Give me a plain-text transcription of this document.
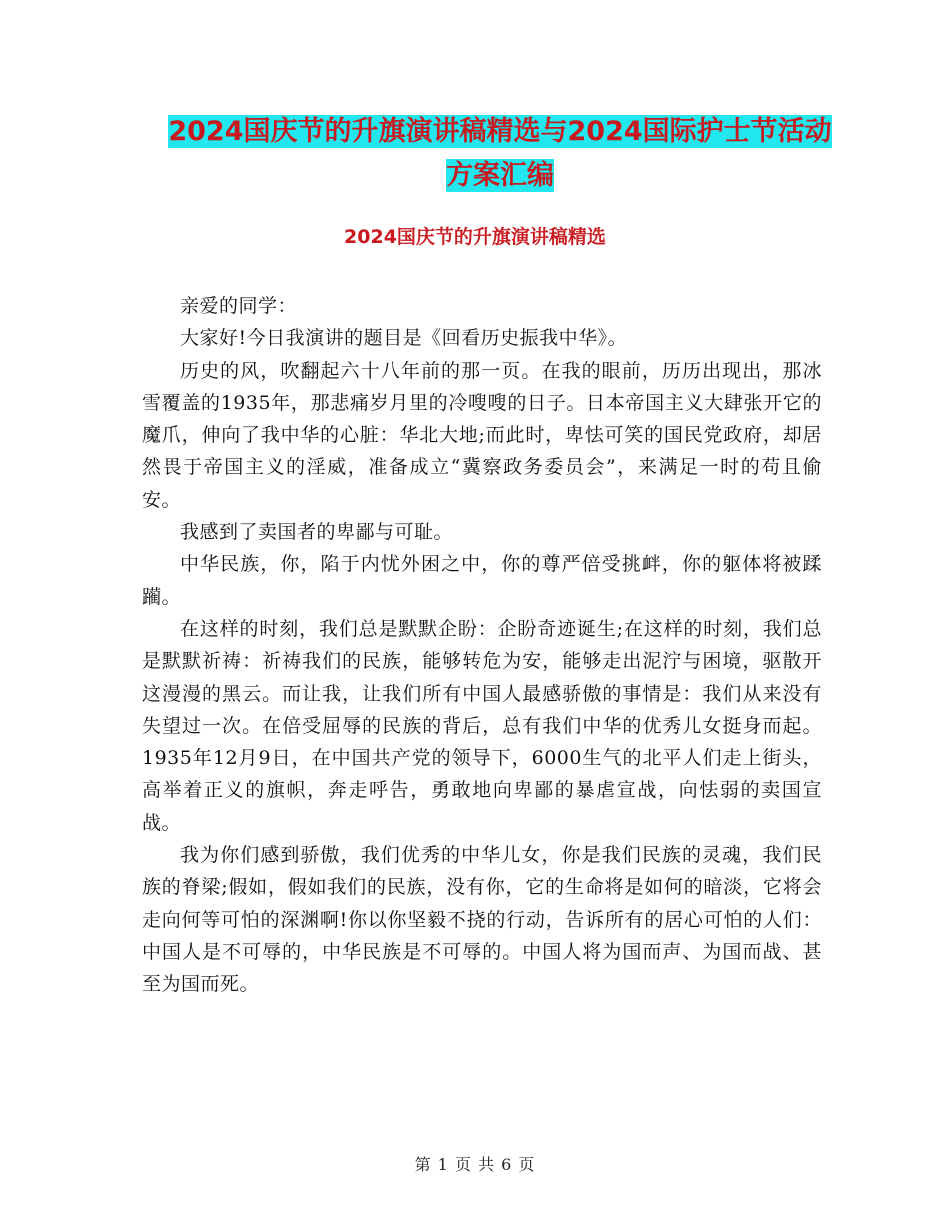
2024国庆节的升旗演讲稿精选与2024国际护士节活动
方案汇编
2024国庆节的升旗演讲稿精选

亲爱的同学：

大家好!今日我演讲的题目是《回看历史振我中华》。

历史的风，吹翻起六十八年前的那一页。在我的眼前，历历出现出，那冰雪覆盖的1935年，那悲痛岁月里的冷嗖嗖的日子。日本帝国主义大肆张开它的魔爪，伸向了我中华的心脏：华北大地;而此时，卑怯可笑的国民党政府，却居然畏于帝国主义的淫威，准备成立“冀察政务委员会”，来满足一时的苟且偷安。

我感到了卖国者的卑鄙与可耻。

中华民族，你，陷于内忧外困之中，你的尊严倍受挑衅，你的躯体将被蹂躏。

在这样的时刻，我们总是默默企盼：企盼奇迹诞生;在这样的时刻，我们总是默默祈祷：祈祷我们的民族，能够转危为安，能够走出泥泞与困境，驱散开这漫漫的黑云。而让我，让我们所有中国人最感骄傲的事情是：我们从来没有失望过一次。在倍受屈辱的民族的背后，总有我们中华的优秀儿女挺身而起。1935年12月9日，在中国共产党的领导下，6000生气的北平人们走上街头，高举着正义的旗帜，奔走呼告，勇敢地向卑鄙的暴虐宣战，向怯弱的卖国宣战。

我为你们感到骄傲，我们优秀的中华儿女，你是我们民族的灵魂，我们民族的脊梁;假如，假如我们的民族，没有你，它的生命将是如何的暗淡，它将会走向何等可怕的深渊啊!你以你坚毅不挠的行动，告诉所有的居心可怕的人们：中国人是不可辱的，中华民族是不可辱的。中国人将为国而声、为国而战、甚至为国而死。

第 1 页 共 6 页
